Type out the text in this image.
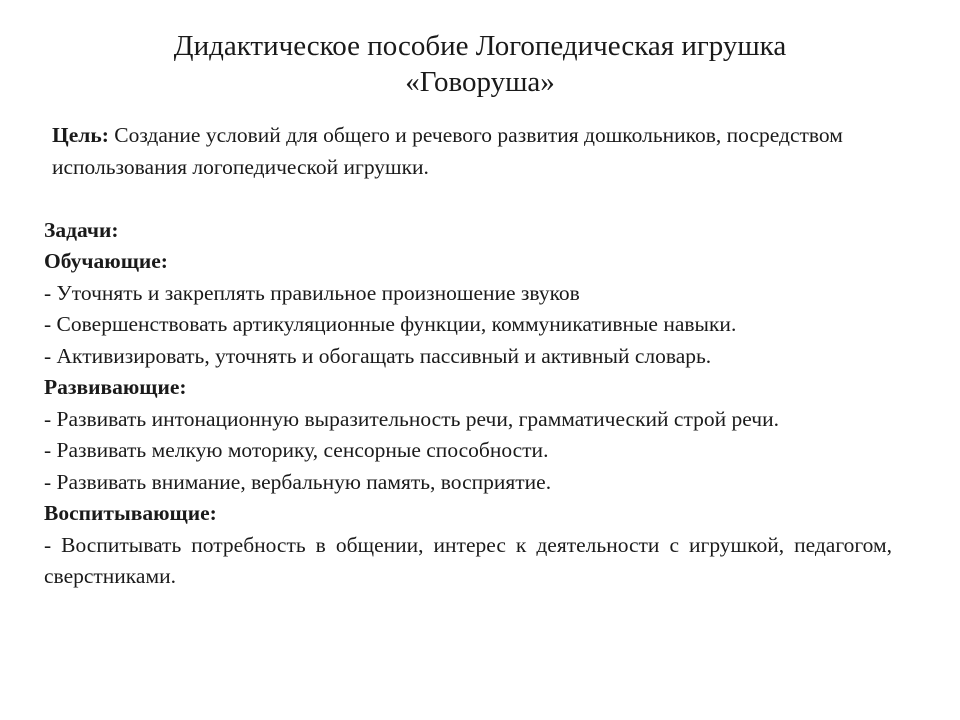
Дидактическое пособие Логопедическая игрушка
«Говоруша»

Цель: Создание условий для общего и речевого развития дошкольников, посредством использования логопедической игрушки.

Задачи:

Обучающие:

- Уточнять и закреплять правильное произношение звуков

- Совершенствовать артикуляционные функции, коммуникативные навыки.

- Активизировать, уточнять и обогащать пассивный и активный словарь.

Развивающие:

- Развивать интонационную выразительность речи, грамматический строй речи.

- Развивать мелкую моторику, сенсорные способности.

- Развивать внимание, вербальную память, восприятие.

Воспитывающие:

- Воспитывать потребность в общении, интерес к деятельности с игрушкой, педагогом, сверстниками.
